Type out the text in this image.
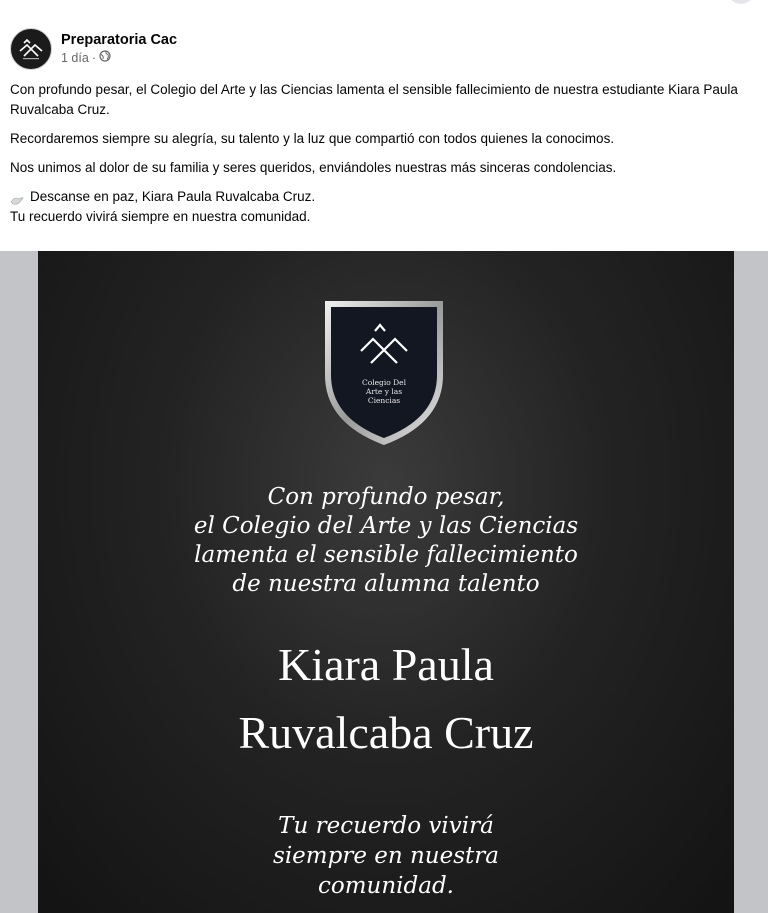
Preparatoria Cac
1 día ·

Con profundo pesar, el Colegio del Arte y las Ciencias lamenta el sensible fallecimiento de nuestra estudiante Kiara Paula Ruvalcaba Cruz.

Recordaremos siempre su alegría, su talento y la luz que compartió con todos quienes la conocimos.

Nos unimos al dolor de su familia y seres queridos, enviándoles nuestras más sinceras condolencias.

Descanse en paz, Kiara Paula Ruvalcaba Cruz.

Tu recuerdo vivirá siempre en nuestra comunidad.

Colegio Del
Arte y las
Ciencias
Con profundo pesar,
el Colegio del Arte y las Ciencias
lamenta el sensible fallecimiento
de nuestra alumna talento
Kiara Paula
Ruvalcaba Cruz
Tu recuerdo vivirá
siempre en nuestra
comunidad.
